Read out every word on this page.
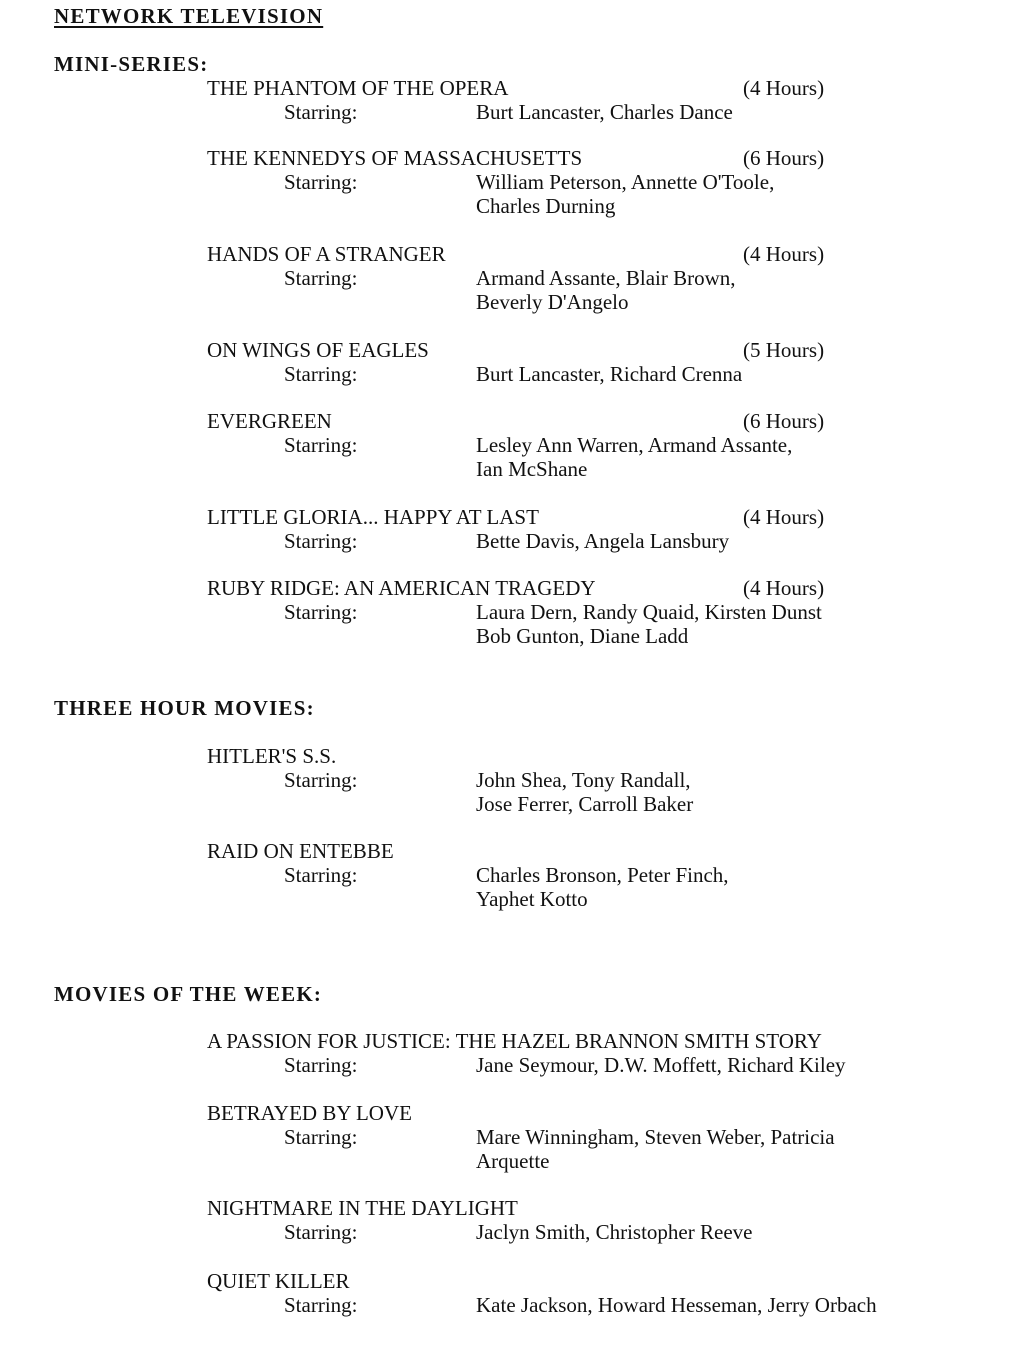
NETWORK TELEVISION
MINI-SERIES:
THE PHANTOM OF THE OPERA	(4 Hours)
Starring:	Burt Lancaster, Charles Dance
THE KENNEDYS OF MASSACHUSETTS	(6 Hours)
Starring:	William Peterson, Annette O'Toole,
Charles Durning
HANDS OF A STRANGER	(4 Hours)
Starring:	Armand Assante, Blair Brown,
Beverly D'Angelo
ON WINGS OF EAGLES	(5 Hours)
Starring:	Burt Lancaster, Richard Crenna
EVERGREEN	(6 Hours)
Starring:	Lesley Ann Warren, Armand Assante,
Ian McShane
LITTLE GLORIA... HAPPY AT LAST	(4 Hours)
Starring:	Bette Davis, Angela Lansbury
RUBY RIDGE: AN AMERICAN TRAGEDY	(4 Hours)
Starring:	Laura Dern, Randy Quaid, Kirsten Dunst
Bob Gunton, Diane Ladd
THREE HOUR MOVIES:
HITLER'S S.S.
Starring:	John Shea, Tony Randall,
Jose Ferrer, Carroll Baker
RAID ON ENTEBBE
Starring:	Charles Bronson, Peter Finch,
Yaphet Kotto
MOVIES OF THE WEEK:
A PASSION FOR JUSTICE: THE HAZEL BRANNON SMITH STORY
Starring:	Jane Seymour, D.W. Moffett, Richard Kiley
BETRAYED BY LOVE
Starring:	Mare Winningham, Steven Weber, Patricia
Arquette
NIGHTMARE IN THE DAYLIGHT
Starring:	Jaclyn Smith, Christopher Reeve
QUIET KILLER
Starring:	Kate Jackson, Howard Hesseman, Jerry Orbach
